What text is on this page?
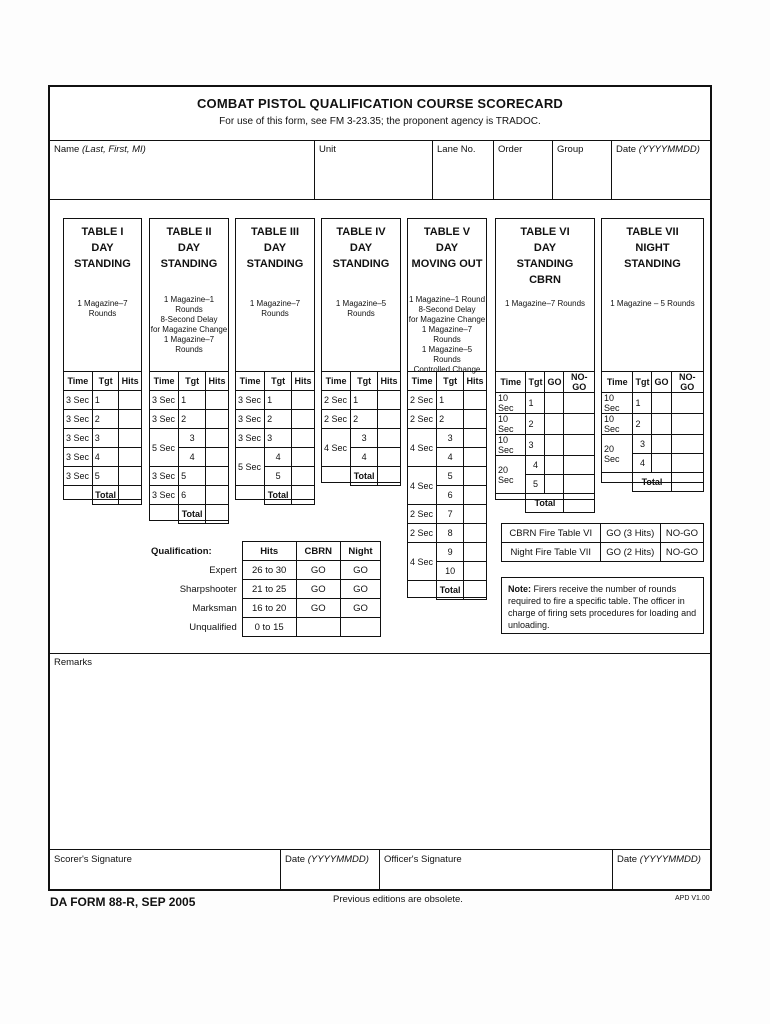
COMBAT PISTOL QUALIFICATION COURSE SCORECARD
For use of this form, see FM 3-23.35; the proponent agency is TRADOC.
Name (Last, First, MI)	Unit	Lane No.	Order	Group	Date (YYYYMMDD)
TABLE I
DAY
STANDING
1 Magazine–7 Rounds
TABLE II
DAY
STANDING
1 Magazine–1 Rounds
8-Second Delay
for Magazine Change
1 Magazine–7 Rounds
TABLE III
DAY
STANDING
1 Magazine–7 Rounds
TABLE IV
DAY
STANDING
1 Magazine–5 Rounds
TABLE V
DAY
MOVING OUT
1 Magazine–1 Round
8-Second Delay
for Magazine Change
1 Magazine–7 Rounds
1 Magazine–5 Rounds
Controlled Change
TABLE VI
DAY
STANDING
CBRN
1 Magazine–7 Rounds
TABLE VII
NIGHT
STANDING
1 Magazine – 5 Rounds
Time	Tgt	Hits
3 Sec	1	
3 Sec	2	
3 Sec	3	
3 Sec	4	
3 Sec	5	
	Total	
Time	Tgt	Hits
3 Sec	1	
3 Sec	2	
5 Sec	3	
	4	
3 Sec	5	
3 Sec	6	
	Total	
Time	Tgt	Hits
3 Sec	1	
3 Sec	2	
3 Sec	3	
5 Sec	4	
	5	
	Total	
Time	Tgt	Hits
2 Sec	1	
2 Sec	2	
4 Sec	3	
	4	
	Total	
Time	Tgt	Hits
2 Sec	1	
2 Sec	2	
4 Sec	3	
	4	
4 Sec	5	
	6	
2 Sec	7	
2 Sec	8	
4 Sec	9	
	10	
	Total	
Time	Tgt	GO	NO-GO
10 Sec	1		
10 Sec	2		
10 Sec	3		
20 Sec	4		
	5		
	Total		
Time	Tgt	GO	NO-GO
10 Sec	1		
10 Sec	2		
20 Sec	3		
	4		
	Total		
Qualification:	Hits	CBRN	Night
Expert	26 to 30	GO	GO
Sharpshooter	21 to 25	GO	GO
Marksman	16 to 20	GO	GO
Unqualified	0 to 15		
CBRN Fire Table VI	GO (3 Hits)	NO-GO
Night Fire Table VII	GO (2 Hits)	NO-GO
Note: Firers receive the number of rounds required to fire a specific table. The officer in charge of firing sets procedures for loading and unloading.
Remarks
Scorer's Signature	Date (YYYYMMDD)	Officer's Signature	Date (YYYYMMDD)
DA FORM 88-R, SEP 2005	Previous editions are obsolete.	APD V1.00
